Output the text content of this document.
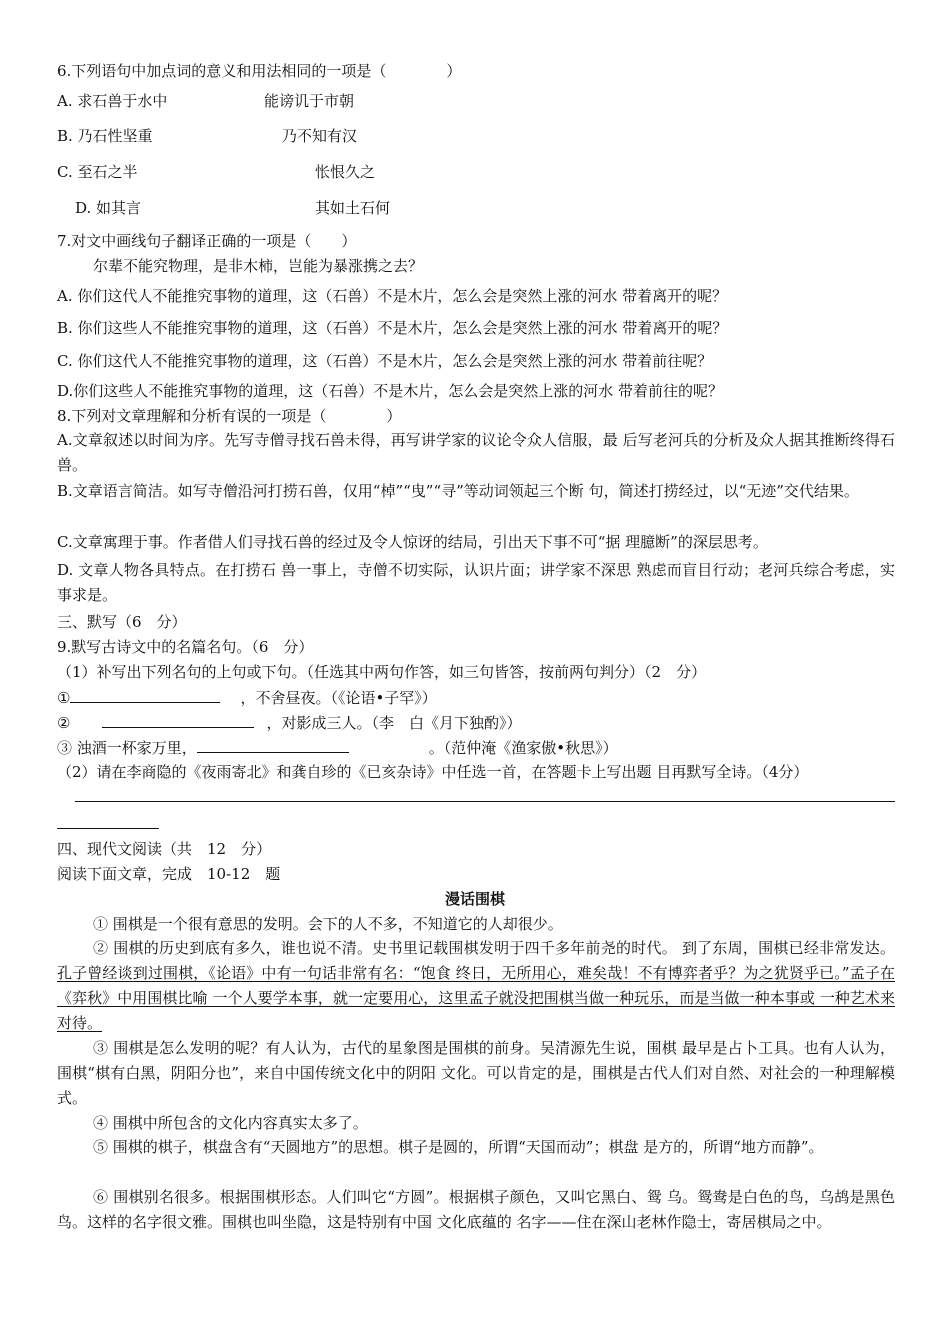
6.下列语句中加点词的意义和用法相同的一项是（　　　　）
A. 求石兽于水中	能谤讥于市朝
B. 乃石性坚重	乃不知有汉
C. 至石之半	怅恨久之
D. 如其言	其如土石何
7.对文中画线句子翻译正确的一项是（　　）
尔辈不能究物理，是非木柿，岂能为暴涨携之去？
A. 你们这代人不能推究事物的道理，这（石兽）不是木片，怎么会是突然上涨的河水 带着离开的呢？
B. 你们这些人不能推究事物的道理，这（石兽）不是木片，怎么会是突然上涨的河水 带着离开的呢？
C. 你们这代人不能推究事物的道理，这（石兽）不是木片，怎么会是突然上涨的河水 带着前往呢？
D.你们这些人不能推究事物的道理，这（石兽）不是木片，怎么会是突然上涨的河水 带着前往的呢？
8.下列对文章理解和分析有误的一项是（　　　　）
A.文章叙述以时间为序。先写寺僧寻找石兽未得，再写讲学家的议论令众人信服，最 后写老河兵的分析及众人据其推断终得石兽。
B.文章语言简洁。如写寺僧沿河打捞石兽，仅用“棹”“曳”“寻”等动词领起三个断 句，简述打捞经过，以“无迹”交代结果。
C.文章寓理于事。作者借人们寻找石兽的经过及令人惊讶的结局，引出天下事不可“据 理臆断”的深层思考。
D. 文章人物各具特点。在打捞石 兽一事上，寺僧不切实际，认识片面；讲学家不深思 熟虑而盲目行动；老河兵综合考虑，实事求是。
三、默写（6　分）
9.默写古诗文中的名篇名句。（6　分）
（1）补写出下列名句的上句或下句。（任选其中两句作答，如三句皆答，按前两句判分）（2　分）
①	，不舍昼夜。（《论语•子罕》）
②	，对影成三人。（李　白《月下独酌》）
③ 浊酒一杯家万里，	。（范仲淹《渔家傲•秋思》）
（2）请在李商隐的《夜雨寄北》和龚自珍的《已亥杂诗》中任选一首，在答题卡上写出题 目再默写全诗。（4分）
四、现代文阅读（共　12　分）
阅读下面文章，完成　10-12　题
漫话围棋
① 围棋是一个很有意思的发明。会下的人不多，不知道它的人却很少。
② 围棋的历史到底有多久，谁也说不清。史书里记载围棋发明于四千多年前尧的时代。 到了东周，围棋已经非常发达。孔子曾经谈到过围棋，《论语》中有一句话非常有名：“饱食 终日，无所用心，难矣哉！不有博弈者乎？为之犹贤乎已。”孟子在《弈秋》中用围棋比喻 一个人要学本事，就一定要用心，这里孟子就没把围棋当做一种玩乐，而是当做一种本事或 一种艺术来对待。
③ 围棋是怎么发明的呢？有人认为，古代的星象图是围棋的前身。吴清源先生说，围棋 最早是占卜工具。也有人认为，围棋“棋有白黑，阴阳分也”，来自中国传统文化中的阴阳 文化。可以肯定的是，围棋是古代人们对自然、对社会的一种理解模式。
④ 围棋中所包含的文化内容真实太多了。
⑤ 围棋的棋子，棋盘含有“天圆地方”的思想。棋子是圆的，所谓“天国而动”；棋盘 是方的，所谓“地方而静”。
⑥ 围棋别名很多。根据围棋形态。人们叫它“方圆”。根据棋子颜色，又叫它黑白、鸳 乌。鸳鸯是白色的鸟，乌鸪是黑色鸟。这样的名字很文雅。围棋也叫坐隐，这是特别有中国 文化底蕴的 名字——住在深山老林作隐士，寄居棋局之中。
